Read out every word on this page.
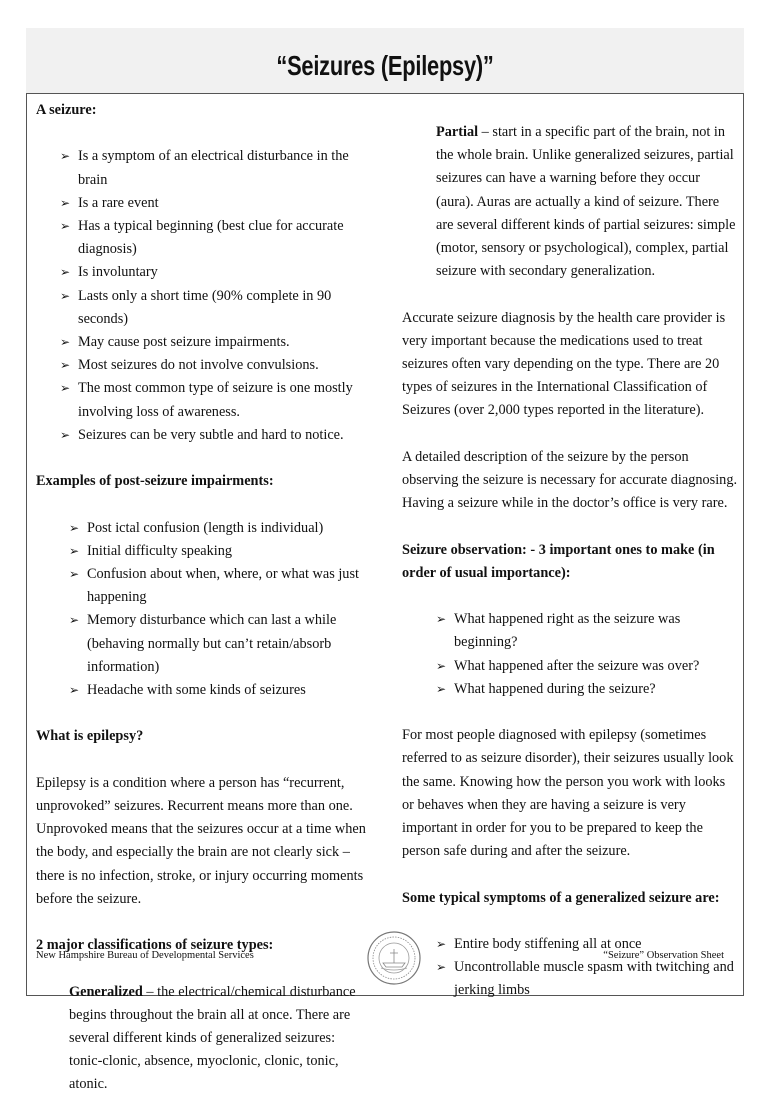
“Seizures (Epilepsy)”

A seizure:

➢ Is a symptom of an electrical disturbance in the brain
➢ Is a rare event
➢ Has a typical beginning (best clue for accurate diagnosis)
➢ Is involuntary
➢ Lasts only a short time (90% complete in 90 seconds)
➢ May cause post seizure impairments.
➢ Most seizures do not involve convulsions.
➢ The most common type of seizure is one mostly involving loss of awareness.
➢ Seizures can be very subtle and hard to notice.

Examples of post-seizure impairments:

➢ Post ictal confusion (length is individual)
➢ Initial difficulty speaking
➢ Confusion about when, where, or what was just happening
➢ Memory disturbance which can last a while (behaving normally but can’t retain/absorb information)
➢ Headache with some kinds of seizures

What is epilepsy?

Epilepsy is a condition where a person has “recurrent, unprovoked” seizures. Recurrent means more than one. Unprovoked means that the seizures occur at a time when the body, and especially the brain are not clearly sick – there is no infection, stroke, or injury occurring moments before the seizure.

2 major classifications of seizure types:

Generalized – the electrical/chemical disturbance begins throughout the brain all at once. There are several different kinds of generalized seizures: tonic-clonic, absence, myoclonic, clonic, tonic, atonic.

Partial – start in a specific part of the brain, not in the whole brain. Unlike generalized seizures, partial seizures can have a warning before they occur (aura). Auras are actually a kind of seizure. There are several different kinds of partial seizures: simple (motor, sensory or psychological), complex, partial seizure with secondary generalization.

Accurate seizure diagnosis by the health care provider is very important because the medications used to treat seizures often vary depending on the type. There are 20 types of seizures in the International Classification of Seizures (over 2,000 types reported in the literature).

A detailed description of the seizure by the person observing the seizure is necessary for accurate diagnosing. Having a seizure while in the doctor’s office is very rare.

Seizure observation: - 3 important ones to make (in order of usual importance):

➢ What happened right as the seizure was beginning?
➢ What happened after the seizure was over?
➢ What happened during the seizure?

For most people diagnosed with epilepsy (sometimes referred to as seizure disorder), their seizures usually look the same. Knowing how the person you work with looks or behaves when they are having a seizure is very important in order for you to be prepared to keep the person safe during and after the seizure.

Some typical symptoms of a generalized seizure are:

➢ Entire body stiffening all at once
➢ Uncontrollable muscle spasm with twitching and jerking limbs
New Hampshire Bureau of Developmental Services	“Seizure” Observation Sheet
